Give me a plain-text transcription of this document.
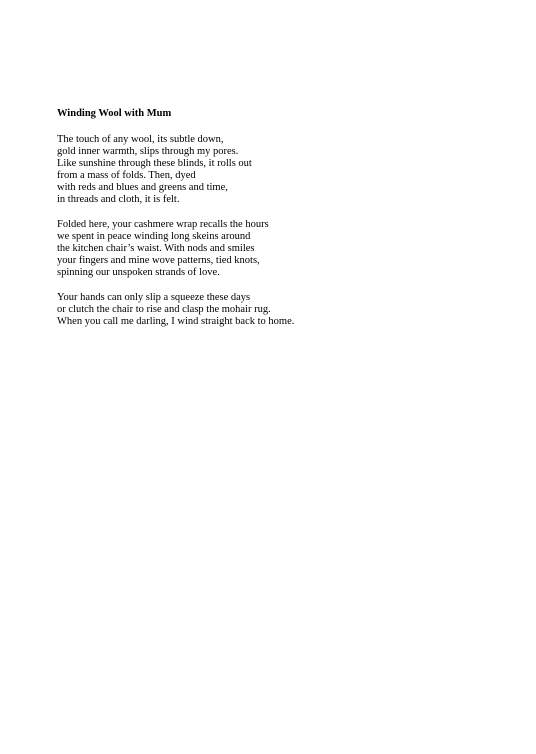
Winding Wool with Mum
The touch of any wool, its subtle down,
gold inner warmth, slips through my pores.
Like sunshine through these blinds, it rolls out
from a mass of folds. Then, dyed
with reds and blues and greens and time,
in threads and cloth, it is felt.
Folded here, your cashmere wrap recalls the hours
we spent in peace winding long skeins around
the kitchen chair’s waist. With nods and smiles
your fingers and mine wove patterns, tied knots,
spinning our unspoken strands of love.
Your hands can only slip a squeeze these days
or clutch the chair to rise and clasp the mohair rug.
When you call me darling, I wind straight back to home.
